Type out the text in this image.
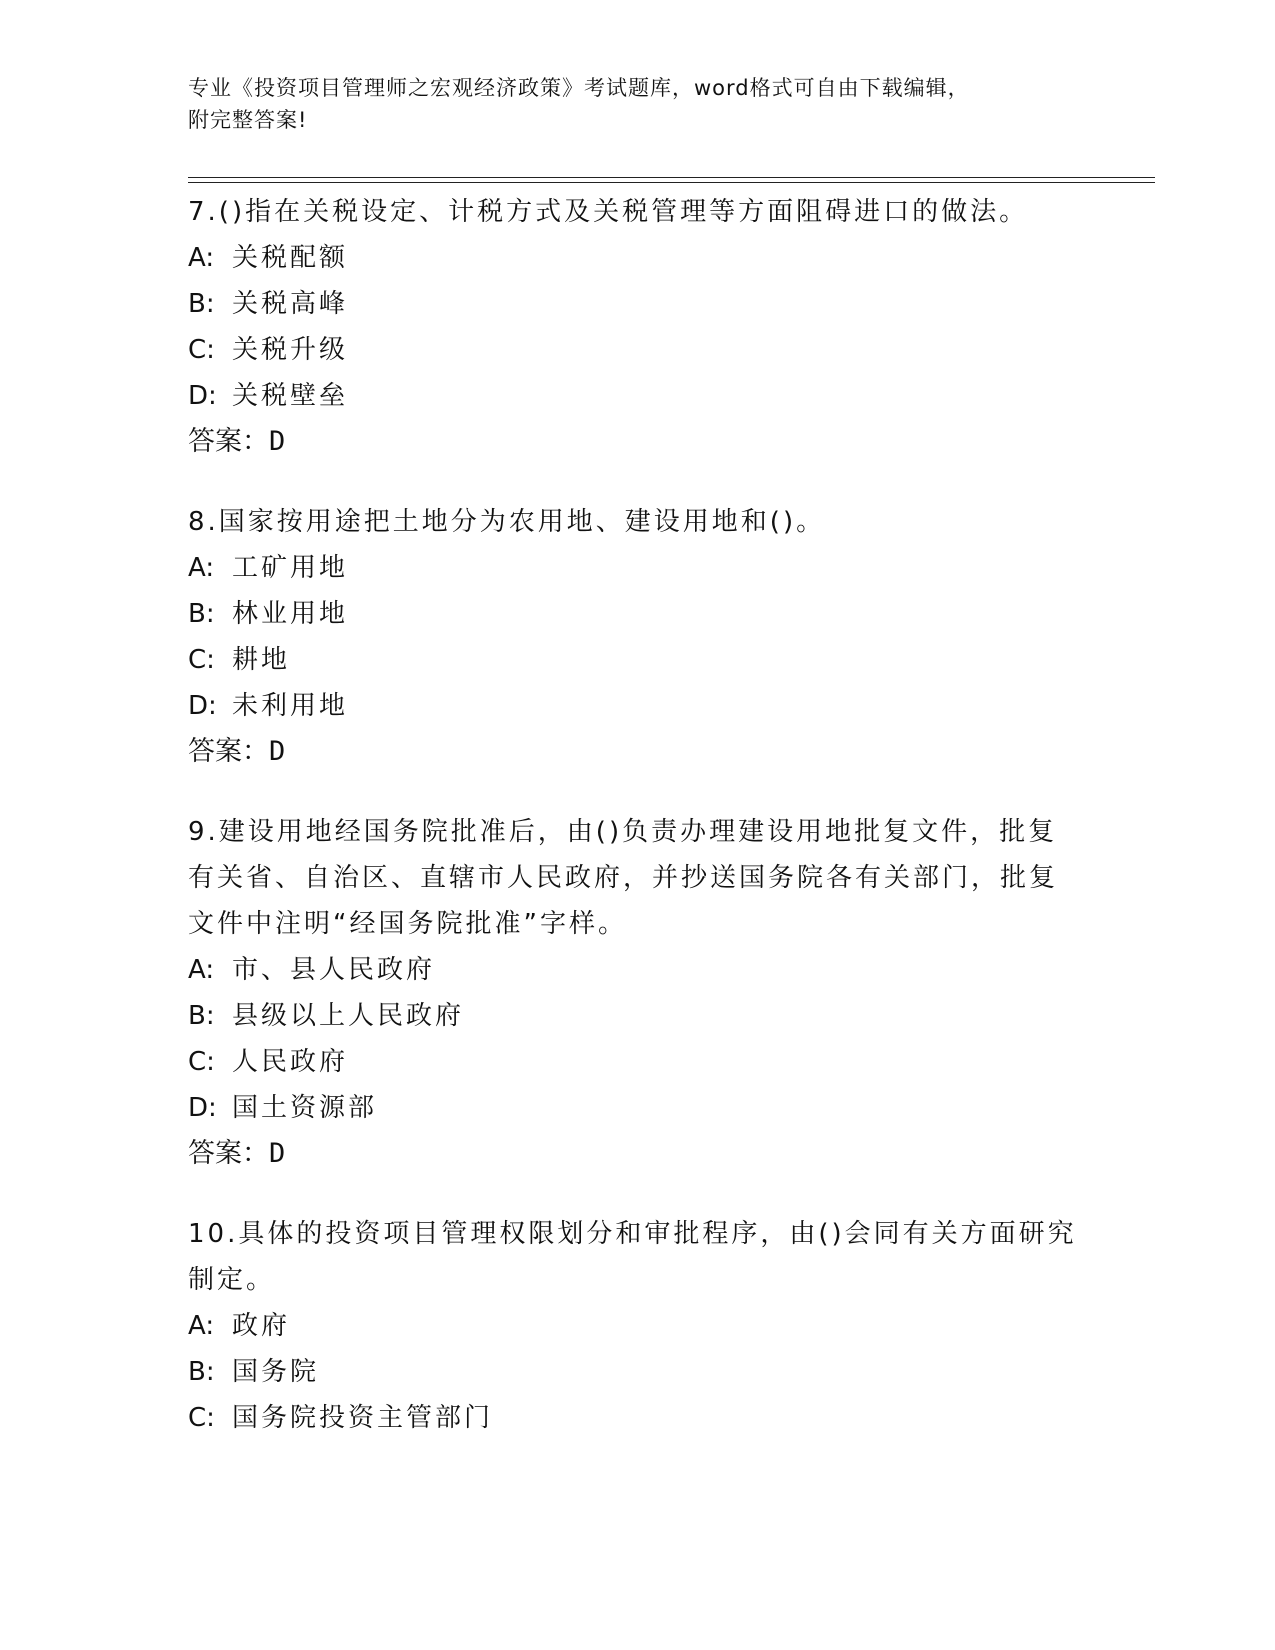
专业《投资项目管理师之宏观经济政策》考试题库，word格式可自由下载编辑，
附完整答案!

7.()指在关税设定、计税方式及关税管理等方面阻碍进口的做法。

A: 关税配额

B: 关税高峰

C: 关税升级

D: 关税壁垒

答案：D

8.国家按用途把土地分为农用地、建设用地和()。

A: 工矿用地

B: 林业用地

C: 耕地

D: 未利用地

答案：D

9.建设用地经国务院批准后，由()负责办理建设用地批复文件，批复

有关省、自治区、直辖市人民政府，并抄送国务院各有关部门，批复

文件中注明“经国务院批准”字样。

A: 市、县人民政府

B: 县级以上人民政府

C: 人民政府

D: 国土资源部

答案：D

10.具体的投资项目管理权限划分和审批程序，由()会同有关方面研究

制定。

A: 政府

B: 国务院

C: 国务院投资主管部门
